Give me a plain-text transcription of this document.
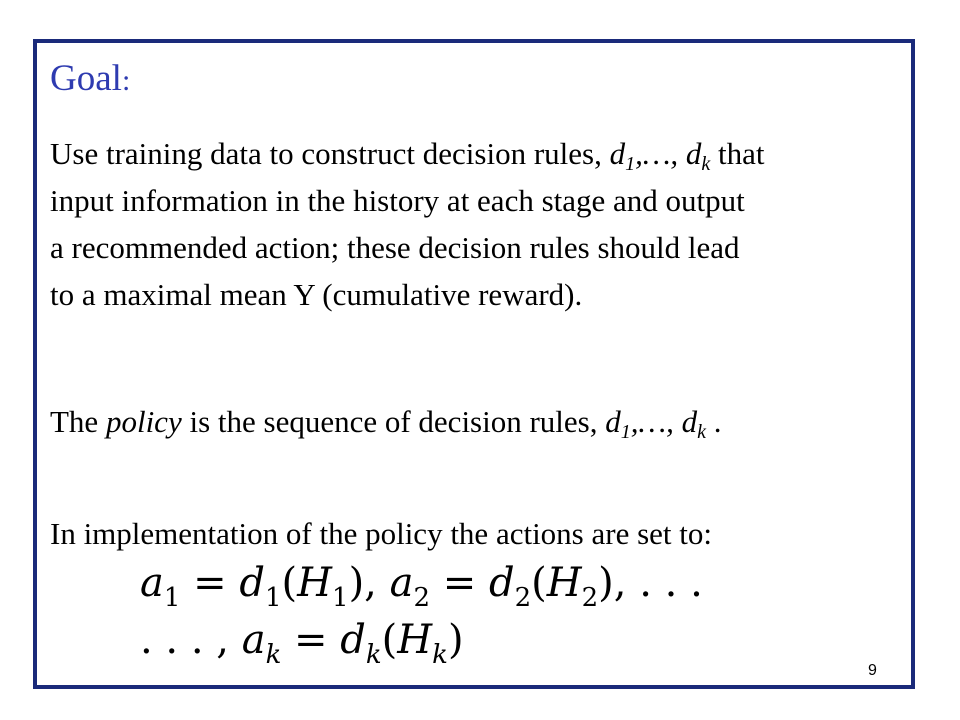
Goal:
Use training data to construct decision rules, $d_1,\dots$, $d_k$ that
input information in the history at each stage and output
a recommended action; these decision rules should lead
to a maximal mean Y (cumulative reward).
The policy is the sequence of decision rules, $d_1,\dots$, $d_k$ .
In implementation of the policy the actions are set to:
$a_1 = d_1(H_1)$, $a_2 = d_2(H_2)$, . . .
. . . , $a_k = d_k(H_k)$
9
